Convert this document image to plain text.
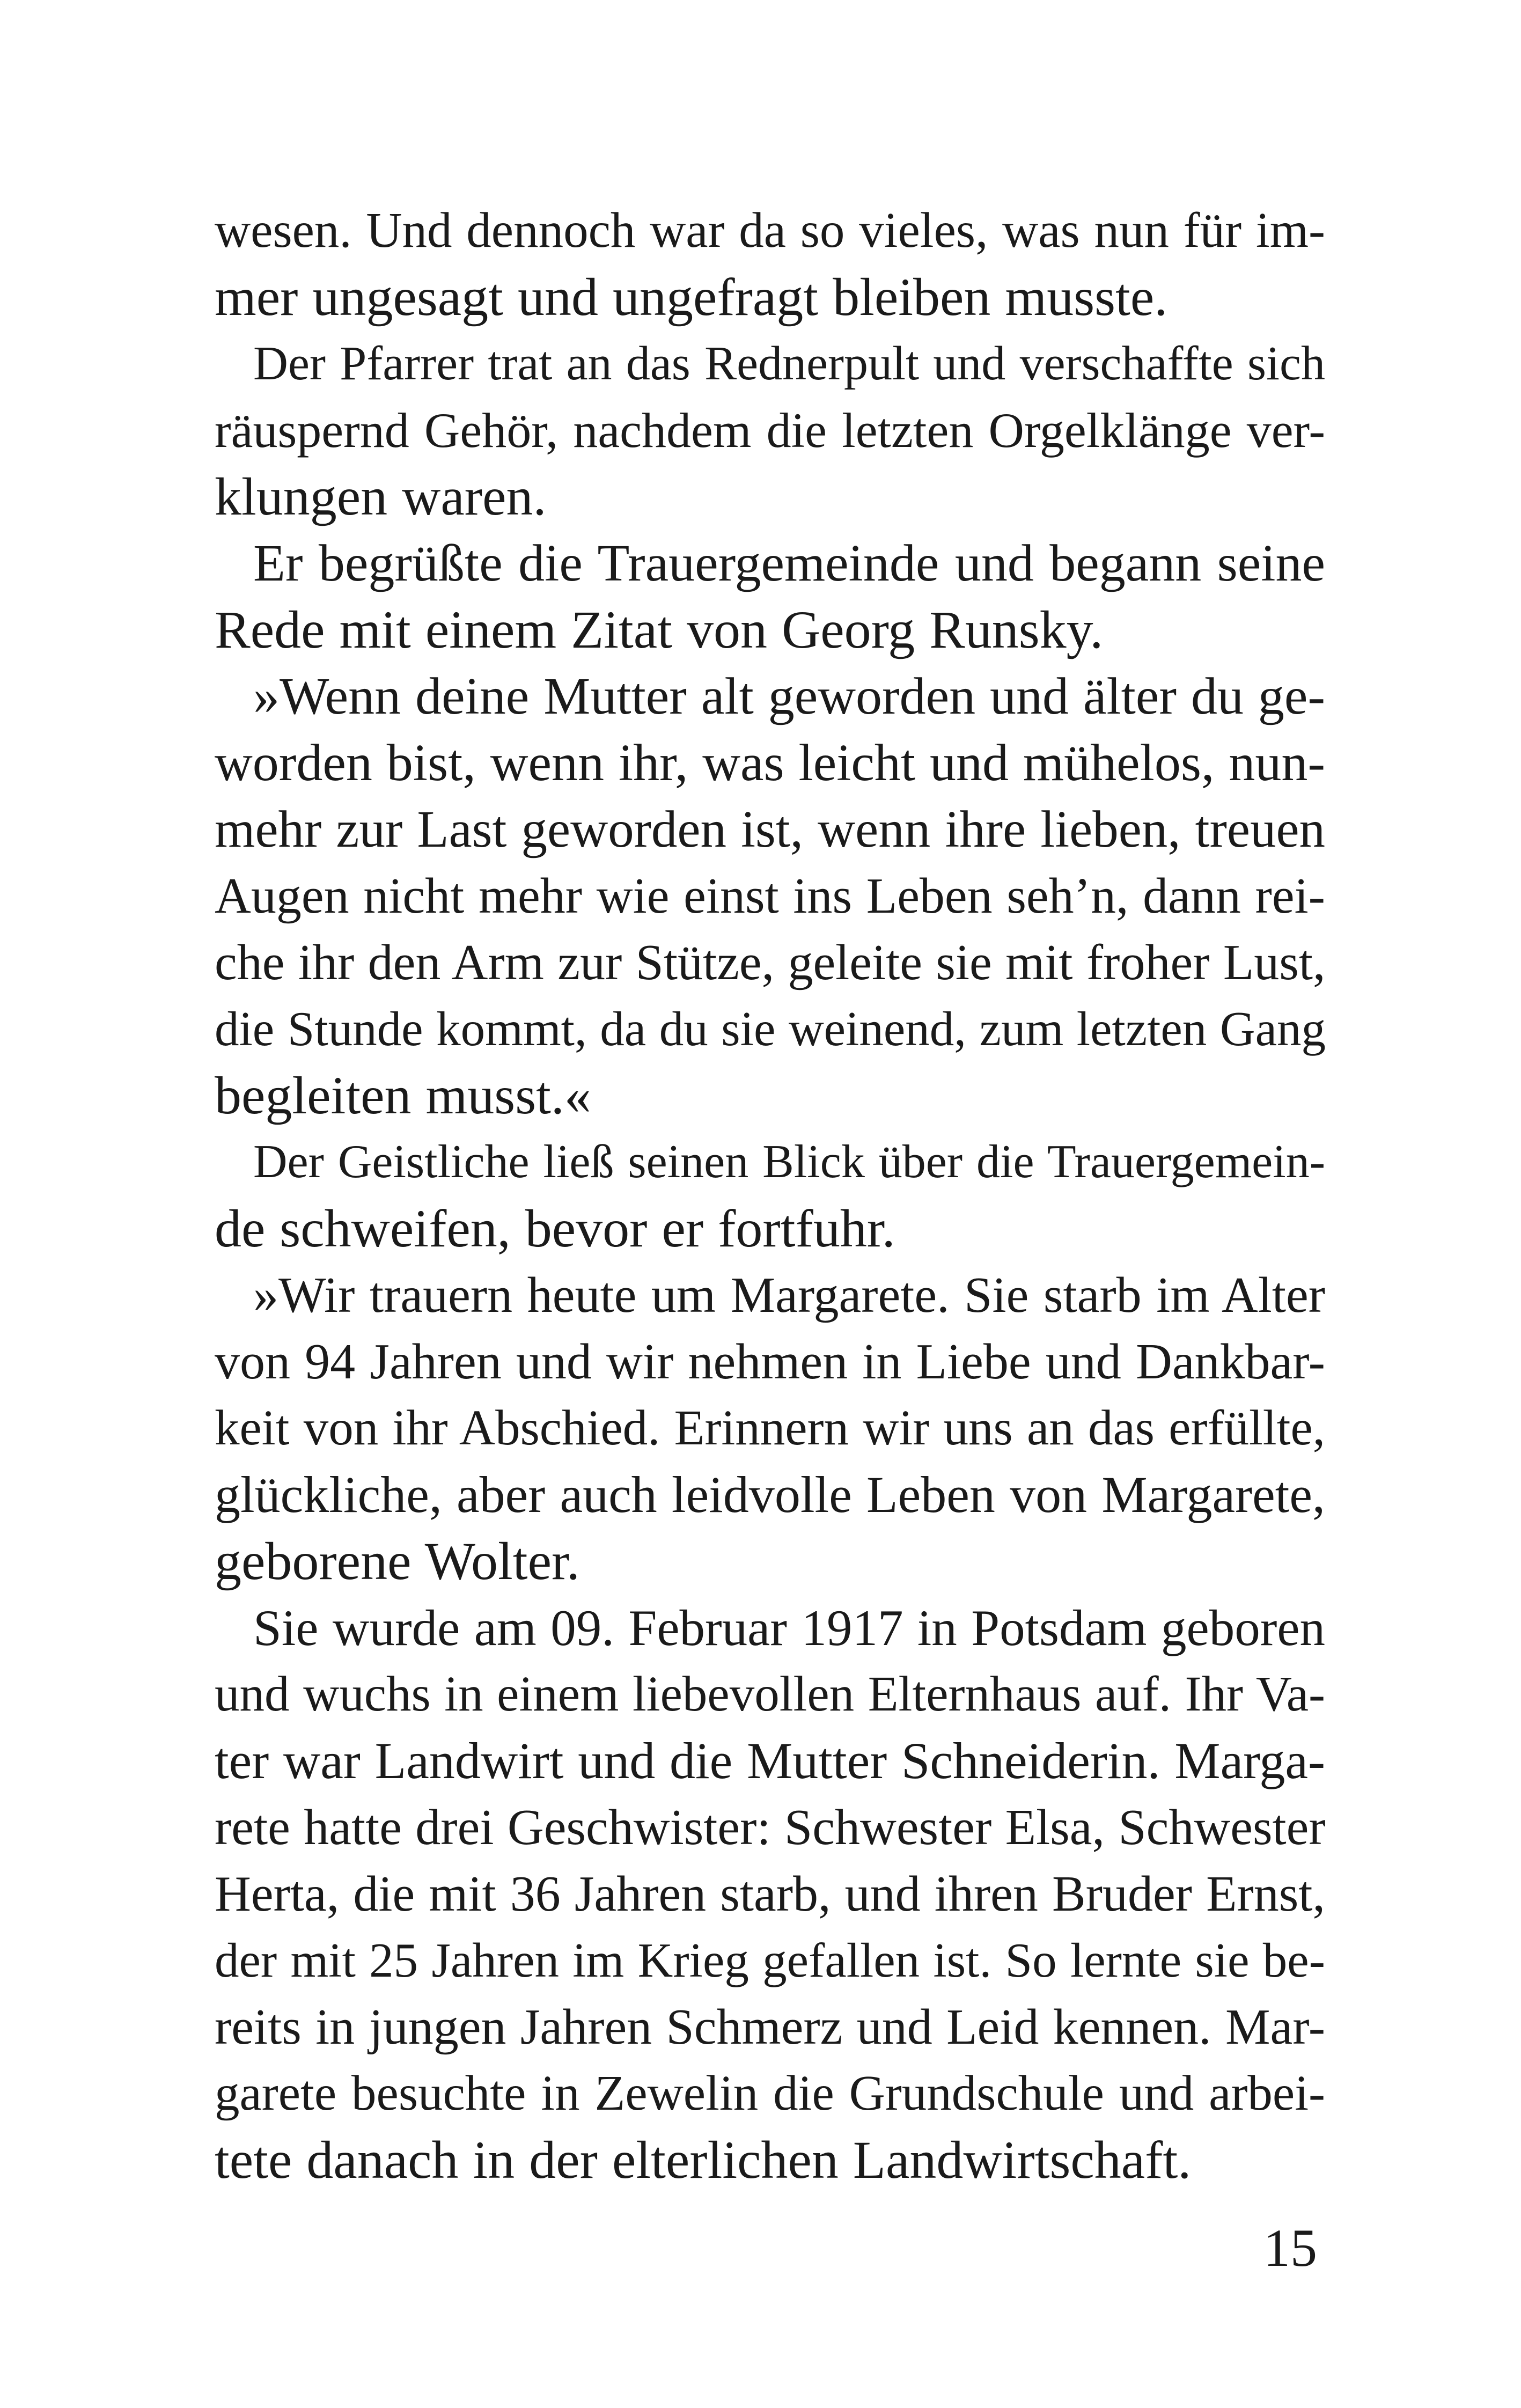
wesen. Und dennoch war da so vieles, was nun für im-
mer ungesagt und ungefragt bleiben musste.
Der Pfarrer trat an das Rednerpult und verschaffte sich
räuspernd Gehör, nachdem die letzten Orgelklänge ver-
klungen waren.
Er begrüßte die Trauergemeinde und begann seine
Rede mit einem Zitat von Georg Runsky.
»Wenn deine Mutter alt geworden und älter du ge-
worden bist, wenn ihr, was leicht und mühelos, nun-
mehr zur Last geworden ist, wenn ihre lieben, treuen
Augen nicht mehr wie einst ins Leben seh’n, dann rei-
che ihr den Arm zur Stütze, geleite sie mit froher Lust,
die Stunde kommt, da du sie weinend, zum letzten Gang
begleiten musst.«
Der Geistliche ließ seinen Blick über die Trauergemein-
de schweifen, bevor er fortfuhr.
»Wir trauern heute um Margarete. Sie starb im Alter
von 94 Jahren und wir nehmen in Liebe und Dankbar-
keit von ihr Abschied. Erinnern wir uns an das erfüllte,
glückliche, aber auch leidvolle Leben von Margarete,
geborene Wolter.
Sie wurde am 09. Februar 1917 in Potsdam geboren
und wuchs in einem liebevollen Elternhaus auf. Ihr Va-
ter war Landwirt und die Mutter Schneiderin. Marga-
rete hatte drei Geschwister: Schwester Elsa, Schwester
Herta, die mit 36 Jahren starb, und ihren Bruder Ernst,
der mit 25 Jahren im Krieg gefallen ist. So lernte sie be-
reits in jungen Jahren Schmerz und Leid kennen. Mar-
garete besuchte in Zewelin die Grundschule und arbei-
tete danach in der elterlichen Landwirtschaft.
15
